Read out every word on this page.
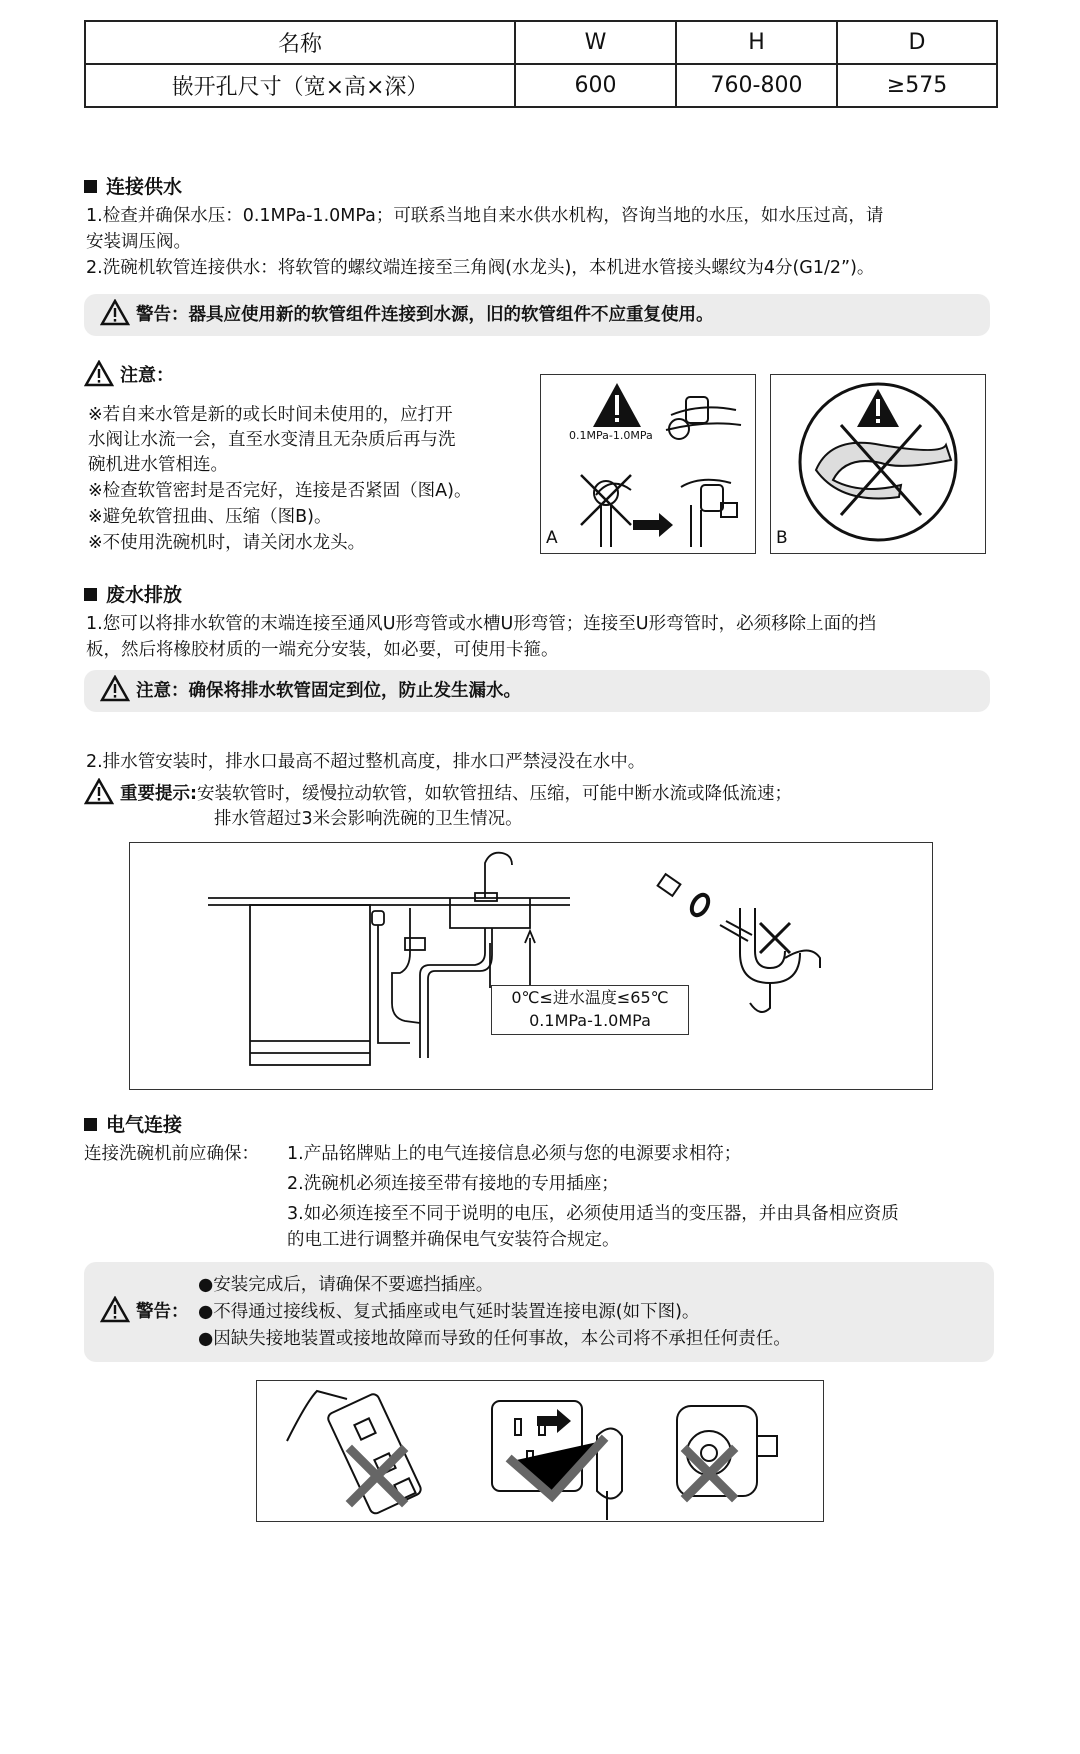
名称	W	H	D
嵌开孔尺寸（宽×高×深）	600	760-800	≥575
连接供水
1.检查并确保水压：0.1MPa-1.0MPa；可联系当地自来水供水机构，咨询当地的水压，如水压过高，请
安装调压阀。
2.洗碗机软管连接供水：将软管的螺纹端连接至三角阀(水龙头)，本机进水管接头螺纹为4分(G1/2”)。
警告：器具应使用新的软管组件连接到水源，旧的软管组件不应重复使用。
注意：
※若自来水管是新的或长时间未使用的，应打开
水阀让水流一会，直至水变清且无杂质后再与洗
碗机进水管相连。
※检查软管密封是否完好，连接是否紧固（图A)。
※避免软管扭曲、压缩（图B)。
※不使用洗碗机时，请关闭水龙头。
0.1MPa-1.0MPa
A	B
废水排放
1.您可以将排水软管的末端连接至通风U形弯管或水槽U形弯管；连接至U形弯管时，必须移除上面的挡
板，然后将橡胶材质的一端充分安装，如必要，可使用卡箍。
注意：确保将排水软管固定到位，防止发生漏水。
2.排水管安装时，排水口最高不超过整机高度，排水口严禁浸没在水中。
重要提示:安装软管时，缓慢拉动软管，如软管扭结、压缩，可能中断水流或降低流速；
排水管超过3米会影响洗碗的卫生情况。
0℃≤进水温度≤65℃
0.1MPa-1.0MPa
电气连接
连接洗碗机前应确保： 1.产品铭牌贴上的电气连接信息必须与您的电源要求相符；
2.洗碗机必须连接至带有接地的专用插座；
3.如必须连接至不同于说明的电压，必须使用适当的变压器，并由具备相应资质
的电工进行调整并确保电气安装符合规定。
警告：
●安装完成后，请确保不要遮挡插座。
●不得通过接线板、复式插座或电气延时装置连接电源(如下图)。
●因缺失接地装置或接地故障而导致的任何事故，本公司将不承担任何责任。
